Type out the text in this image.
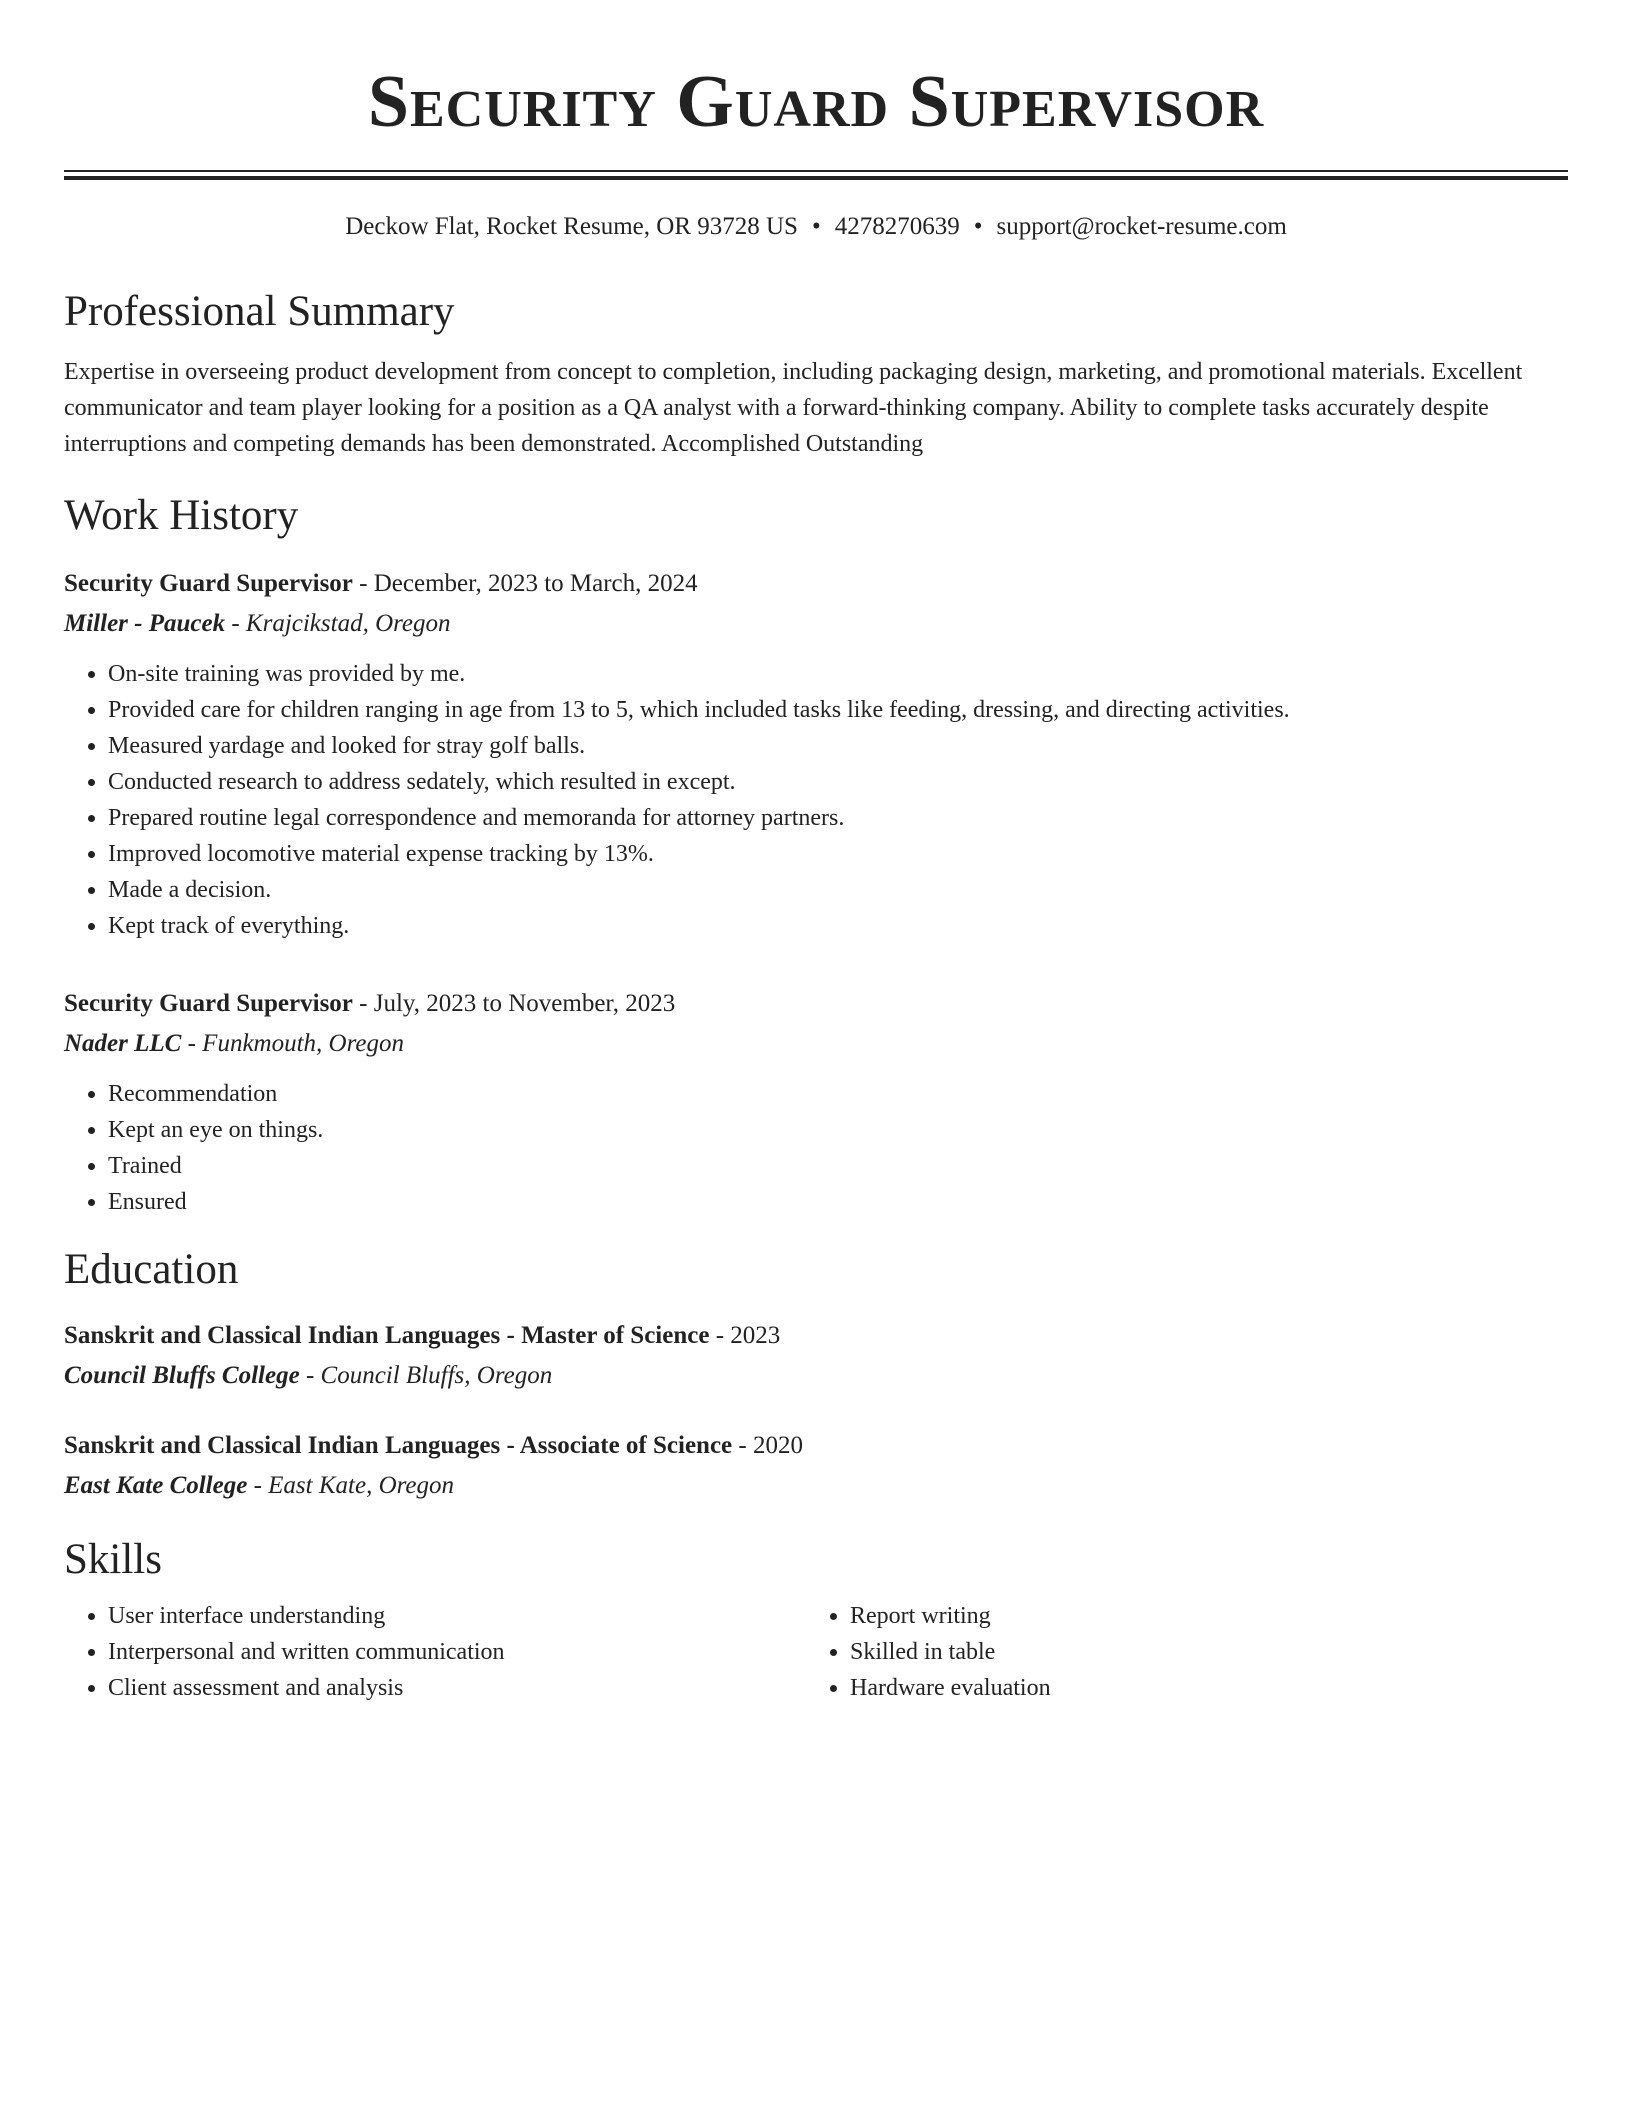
Security Guard Supervisor
Deckow Flat, Rocket Resume, OR 93728 US • 4278270639 • support@rocket-resume.com
Professional Summary

Expertise in overseeing product development from concept to completion, including packaging design, marketing, and promotional materials. Excellent communicator and team player looking for a position as a QA analyst with a forward-thinking company. Ability to complete tasks accurately despite interruptions and competing demands has been demonstrated. Accomplished Outstanding

Work History
Security Guard Supervisor - December, 2023 to March, 2024
Miller - Paucek - Krajcikstad, Oregon
• On-site training was provided by me.
• Provided care for children ranging in age from 13 to 5, which included tasks like feeding, dressing, and directing activities.
• Measured yardage and looked for stray golf balls.
• Conducted research to address sedately, which resulted in except.
• Prepared routine legal correspondence and memoranda for attorney partners.
• Improved locomotive material expense tracking by 13%.
• Made a decision.
• Kept track of everything.
Security Guard Supervisor - July, 2023 to November, 2023
Nader LLC - Funkmouth, Oregon
• Recommendation
• Kept an eye on things.
• Trained
• Ensured
Education
Sanskrit and Classical Indian Languages - Master of Science - 2023
Council Bluffs College - Council Bluffs, Oregon
Sanskrit and Classical Indian Languages - Associate of Science - 2020
East Kate College - East Kate, Oregon
Skills
• User interface understanding
• Interpersonal and written communication
• Client assessment and analysis
• Report writing
• Skilled in table
• Hardware evaluation
